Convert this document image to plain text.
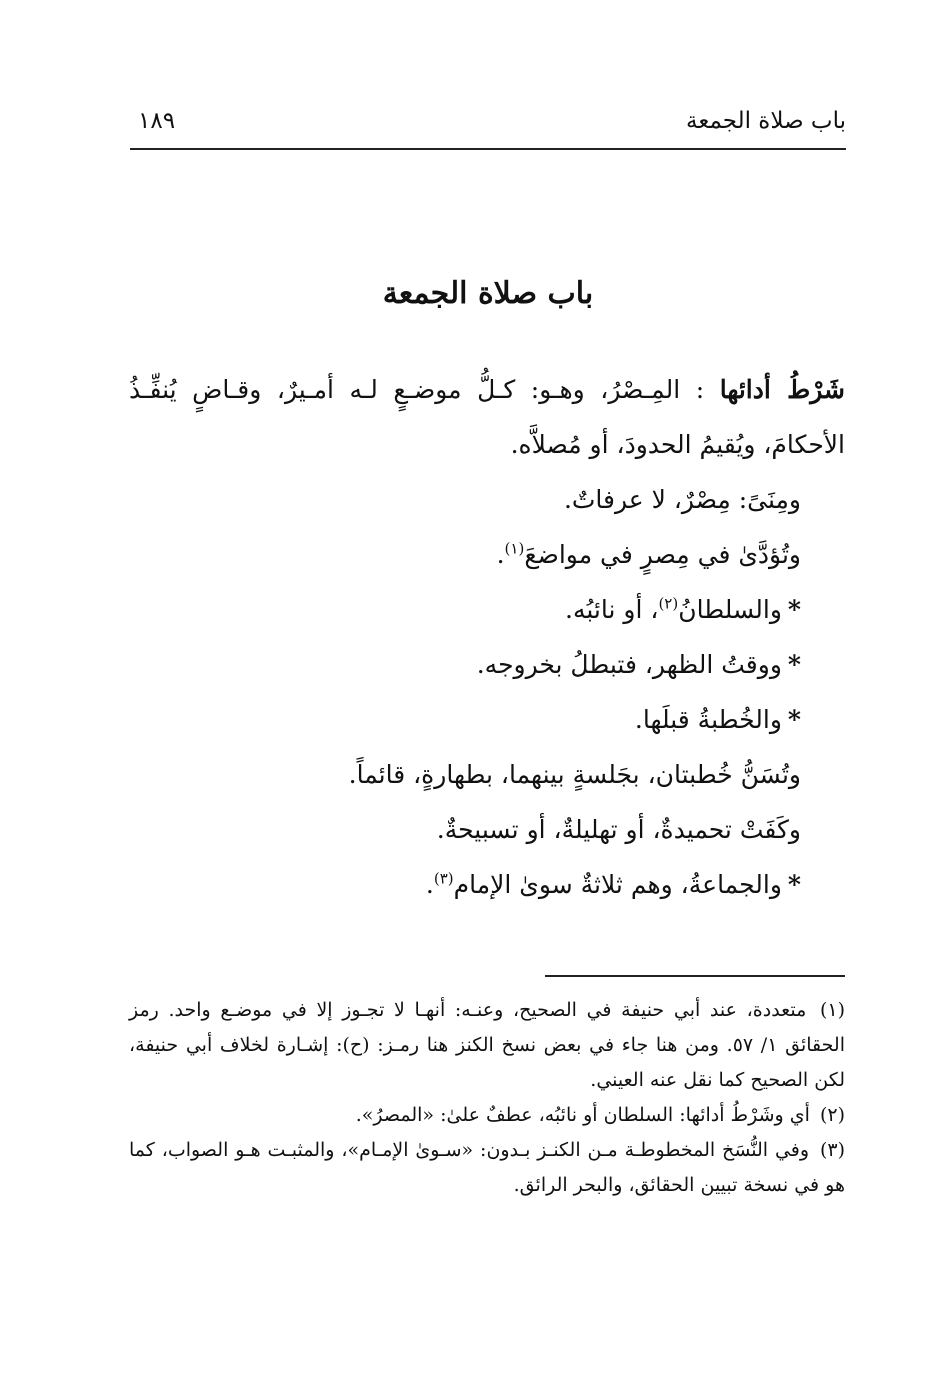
باب صلاة الجمعة
١٨٩
باب صلاة الجمعة

شَرْطُ أدائها : المِـصْرُ، وهـو: كـلُّ موضـعٍ لـه أمـيرٌ، وقـاضٍ يُنفِّـذُ الأحكامَ، ويُقيمُ الحدودَ، أو مُصلاَّه.

ومِنَىً: مِصْرٌ، لا عرفاتٌ.

وتُؤدَّىٰ في مِصرٍ في مواضعَ$^{(١)}$.

*والسلطانُ$^{(٢)}$، أو نائبُه.

*ووقتُ الظهر، فتبطلُ بخروجه.

*والخُطبةُ قبلَها.

وتُسَنُّ خُطبتان، بجَلسةٍ بينهما، بطهارةٍ، قائماً.

وكَفَتْ تحميدةٌ، أو تهليلةٌ، أو تسبيحةٌ.

*والجماعةُ، وهم ثلاثةٌ سوىٰ الإمام$^{(٣)}$.

(١) متعددة، عند أبي حنيفة في الصحيح، وعنـه: أنهـا لا تجـوز إلا في موضـع واحد. رمز الحقائق ١/ ٥٧. ومن هنا جاء في بعض نسخ الكنز هنا رمـز: (ح): إشـارة لخلاف أبي حنيفة، لكن الصحيح كما نقل عنه العيني.

(٢) أي وشَرْطُ أدائها: السلطان أو نائبُه، عطفٌ علىٰ: «المصرُ».

(٣) وفي النُّسَخ المخطوطـة مـن الكنـز بـدون: «سـوىٰ الإمـام»، والمثبـت هـو الصواب، كما هو في نسخة تبيين الحقائق، والبحر الرائق.
